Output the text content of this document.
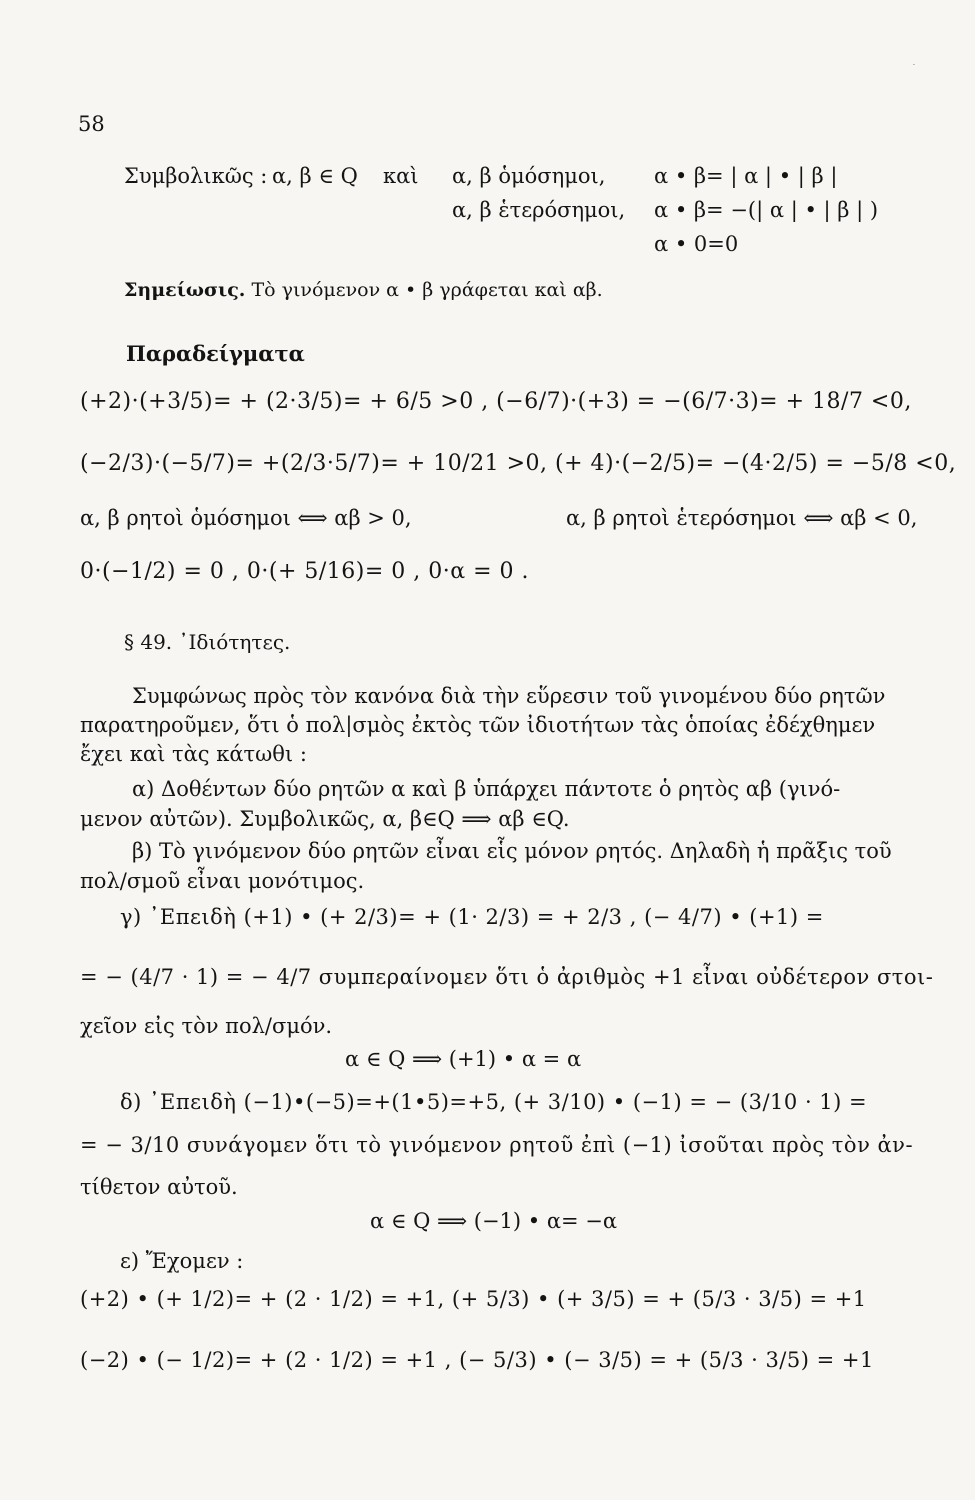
58
.
Συμβολικῶς : α, β ∈ Q καὶ α, β ὁμόσημοι, α • β= | α | • | β |
α, β ἑτερόσημοι, α • β= −(| α | • | β | )
α • 0=0
Σημείωσις. Τὸ γινόμενον α • β γράφεται καὶ αβ.
Παραδείγματα
(+2)·(+3/5)= + (2·3/5)= + 6/5 >0 , (−6/7)·(+3) = −(6/7·3)= + 18/7 <0,
(−2/3)·(−5/7)= +(2/3·5/7)= + 10/21 >0, (+ 4)·(−2/5)= −(4·2/5) = −5/8 <0,
α, β ρητοὶ ὁμόσημοι ⟺ αβ > 0,	α, β ρητοὶ ἑτερόσημοι ⟺ αβ < 0,
0·(−1/2) = 0 , 0·(+ 5/16)= 0 , 0·α = 0 .
§ 49. ᾿Ιδιότητες.
Συμφώνως πρὸς τὸν κανόνα διὰ τὴν εὕρεσιν τοῦ γινομένου δύο ρητῶν
παρατηροῦμεν, ὅτι ὁ πολ|σμὸς ἐκτὸς τῶν ἰδιοτήτων τὰς ὁποίας ἐδέχθημεν
ἔχει καὶ τὰς κάτωθι :
α) Δοθέντων δύο ρητῶν α καὶ β ὑπάρχει πάντοτε ὁ ρητὸς αβ (γινό-
μενον αὐτῶν). Συμβολικῶς, α, β∈Q ⟹ αβ ∈Q.
β) Τὸ γινόμενον δύο ρητῶν εἶναι εἷς μόνον ρητός. Δηλαδὴ ἡ πρᾶξις τοῦ
πολ/σμοῦ εἶναι μονότιμος.
γ) ᾿Επειδὴ (+1) • (+ 2/3)= + (1· 2/3) = + 2/3 , (− 4/7) • (+1) =
= − (4/7 · 1) = − 4/7 συμπεραίνομεν ὅτι ὁ ἀριθμὸς +1 εἶναι οὐδέτερον στοι-
χεῖον εἰς τὸν πολ/σμόν.
α ∈ Q ⟹ (+1) • α = α
δ) ᾿Επειδὴ (−1)•(−5)=+(1•5)=+5, (+ 3/10) • (−1) = − (3/10 · 1) =
= − 3/10 συνάγομεν ὅτι τὸ γινόμενον ρητοῦ ἐπὶ (−1) ἰσοῦται πρὸς τὸν ἀν-
τίθετον αὐτοῦ.
α ∈ Q ⟹ (−1) • α= −α
ε) Ἔχομεν :
(+2) • (+ 1/2)= + (2 · 1/2) = +1, (+ 5/3) • (+ 3/5) = + (5/3 · 3/5) = +1
(−2) • (− 1/2)= + (2 · 1/2) = +1 , (− 5/3) • (− 3/5) = + (5/3 · 3/5) = +1
